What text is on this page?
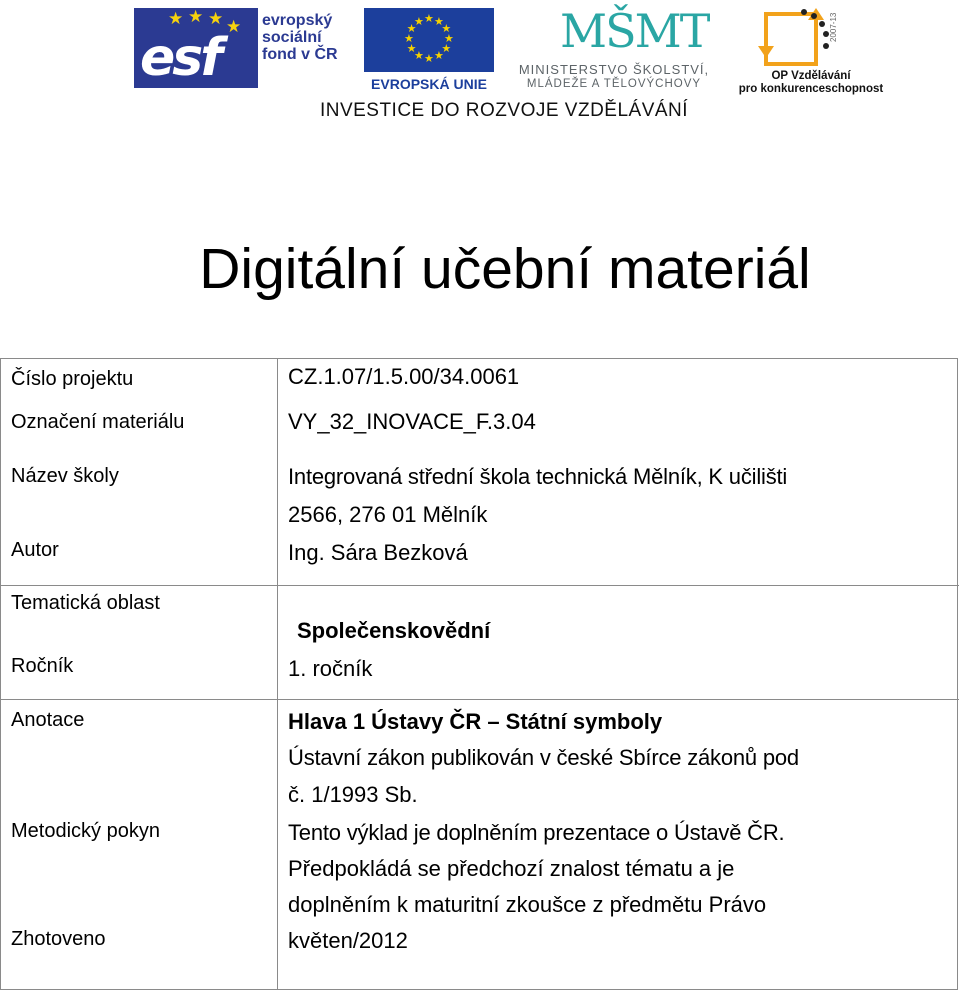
★ ★ ★ ★
esf
evropský
sociální
fond v ČR
★ ★
★
★
★
★
★
★
★
★
★
★
EVROPSKÁ UNIE
MŠMT
MINISTERSTVO ŠKOLSTVÍ,
MLÁDEŽE A TĚLOVÝCHOVY
2007-13
OP Vzdělávání
pro konkurenceschopnost
INVESTICE DO ROZVOJE VZDĚLÁVÁNÍ
Digitální učební materiál
Číslo projektu
Označení materiálu
Název školy
Autor
Tematická oblast
Ročník
Anotace
Metodický pokyn
Zhotoveno
CZ.1.07/1.5.00/34.0061
VY_32_INOVACE_F.3.04
Integrovaná střední škola technická Mělník, K učilišti
2566, 276 01 Mělník
Ing. Sára Bezková
Společenskovědní
1. ročník
Hlava 1 Ústavy ČR – Státní symboly
Ústavní zákon publikován v české Sbírce zákonů pod
č. 1/1993 Sb.
Tento výklad je doplněním prezentace o Ústavě ČR.
Předpokládá se předchozí znalost tématu a je
doplněním k maturitní zkoušce z předmětu Právo
květen/2012
